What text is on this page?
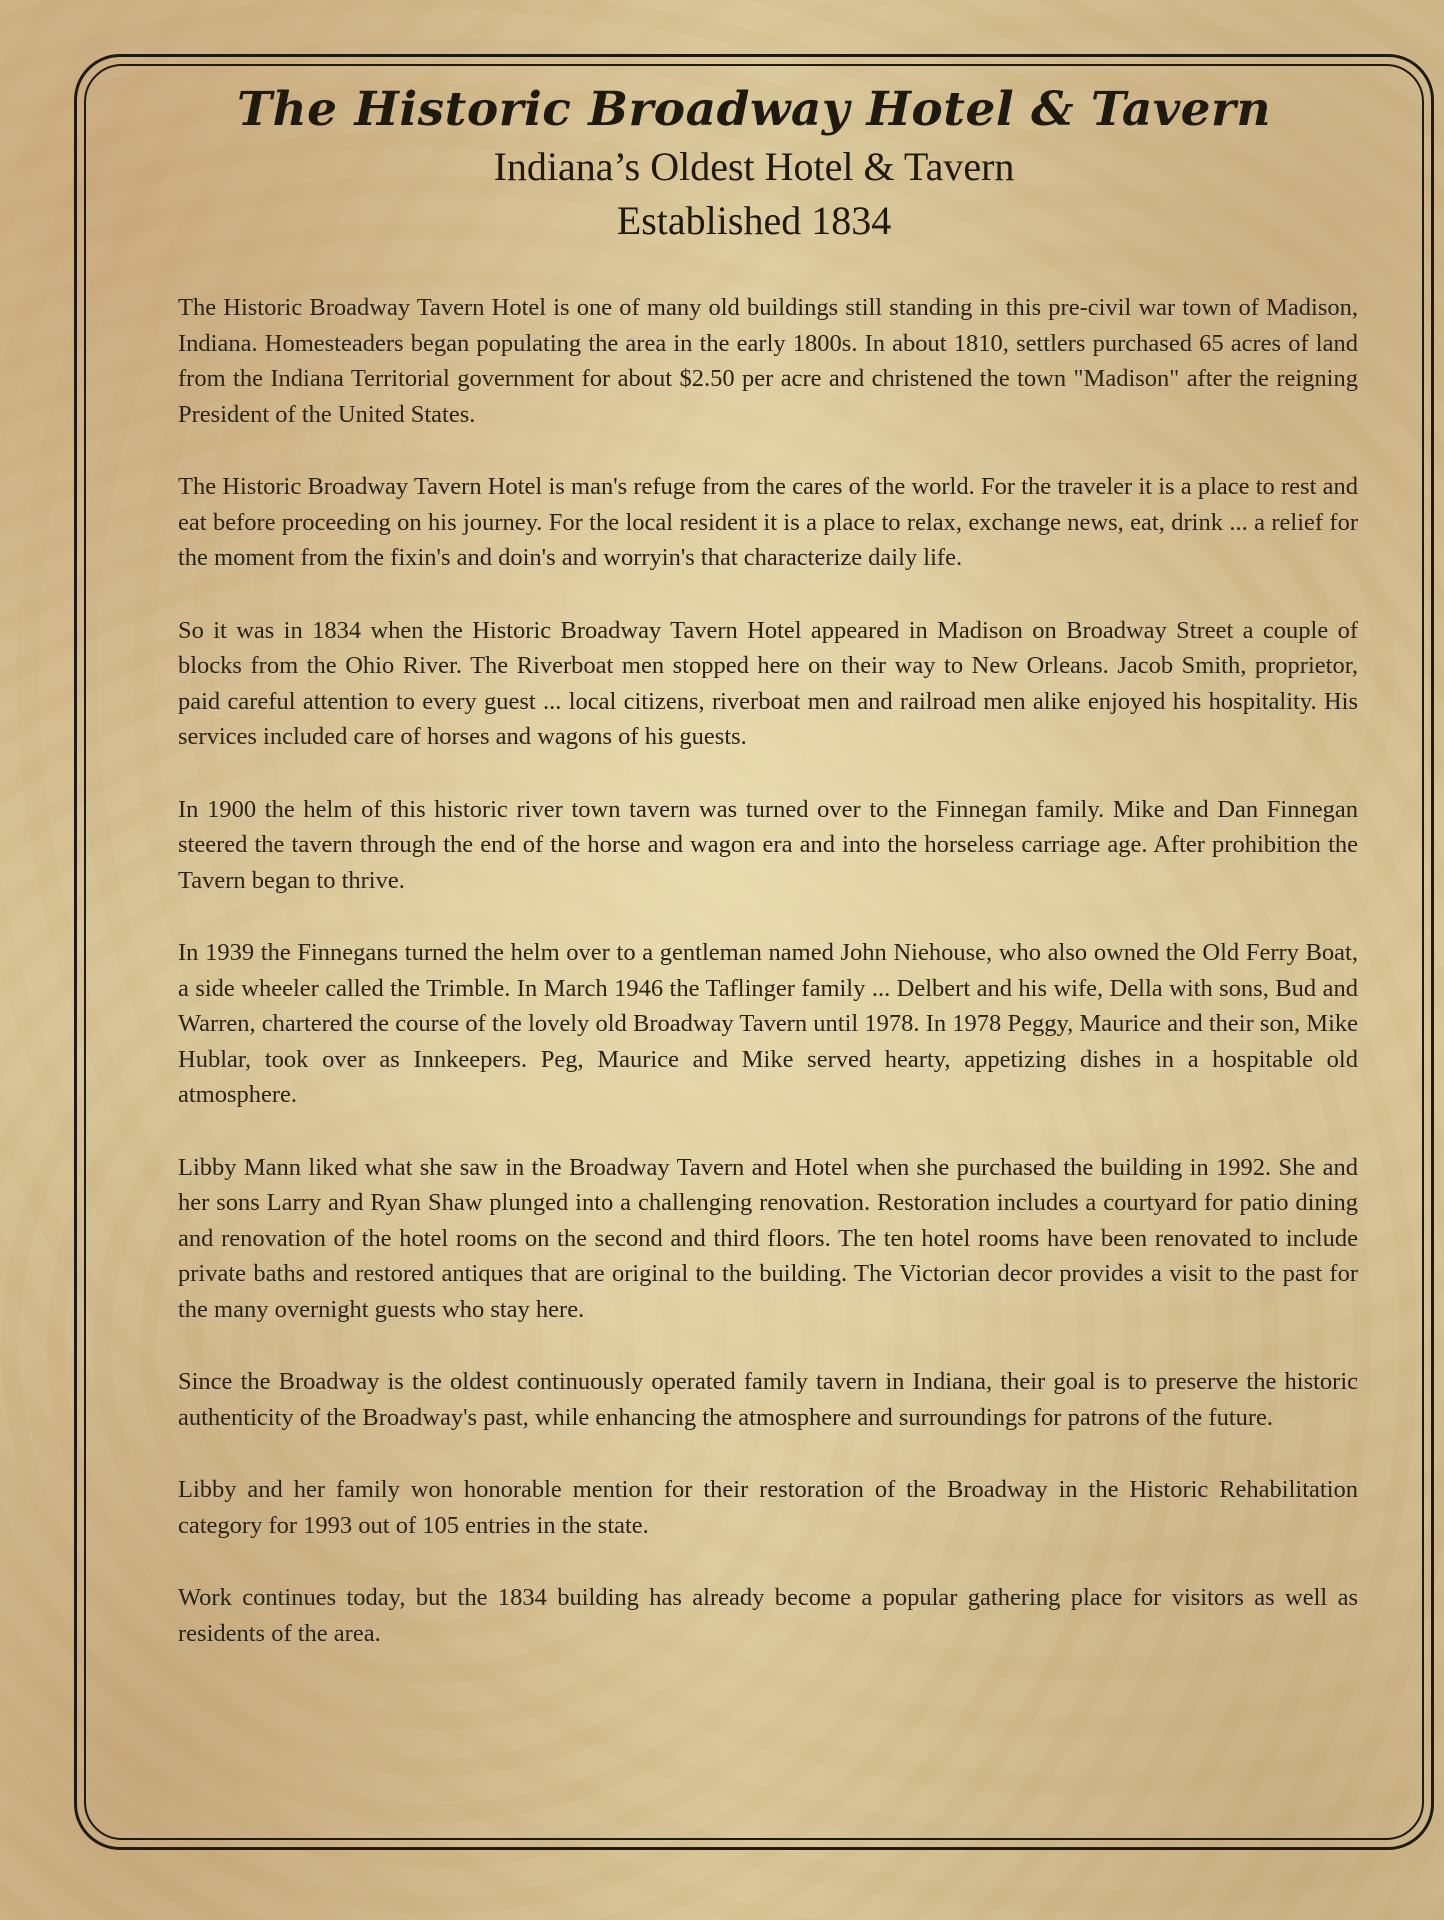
The Historic Broadway Hotel & Tavern

Indiana’s Oldest Hotel & Tavern

Established 1834

The Historic Broadway Tavern Hotel is one of many old buildings still standing in this pre-civil war town of Madison, Indiana. Homesteaders began populating the area in the early 1800s. In about 1810, settlers purchased 65 acres of land from the Indiana Territorial government for about $2.50 per acre and christened the town "Madison" after the reigning President of the United States.

The Historic Broadway Tavern Hotel is man's refuge from the cares of the world. For the traveler it is a place to rest and eat before proceeding on his journey. For the local resident it is a place to relax, exchange news, eat, drink ... a relief for the moment from the fixin's and doin's and worryin's that characterize daily life.

So it was in 1834 when the Historic Broadway Tavern Hotel appeared in Madison on Broadway Street a couple of blocks from the Ohio River. The Riverboat men stopped here on their way to New Orleans. Jacob Smith, proprietor, paid careful attention to every guest ... local citizens, riverboat men and railroad men alike enjoyed his hospitality. His services included care of horses and wagons of his guests.

In 1900 the helm of this historic river town tavern was turned over to the Finnegan family. Mike and Dan Finnegan steered the tavern through the end of the horse and wagon era and into the horseless carriage age. After prohibition the Tavern began to thrive.

In 1939 the Finnegans turned the helm over to a gentleman named John Niehouse, who also owned the Old Ferry Boat, a side wheeler called the Trimble. In March 1946 the Taflinger family ... Delbert and his wife, Della with sons, Bud and Warren, chartered the course of the lovely old Broadway Tavern until 1978. In 1978 Peggy, Maurice and their son, Mike Hublar, took over as Innkeepers. Peg, Maurice and Mike served hearty, appetizing dishes in a hospitable old atmosphere.

Libby Mann liked what she saw in the Broadway Tavern and Hotel when she purchased the building in 1992. She and her sons Larry and Ryan Shaw plunged into a challenging renovation. Restoration includes a courtyard for patio dining and renovation of the hotel rooms on the second and third floors. The ten hotel rooms have been renovated to include private baths and restored antiques that are original to the building. The Victorian decor provides a visit to the past for the many overnight guests who stay here.

Since the Broadway is the oldest continuously operated family tavern in Indiana, their goal is to preserve the historic authenticity of the Broadway's past, while enhancing the atmosphere and surroundings for patrons of the future.

Libby and her family won honorable mention for their restoration of the Broadway in the Historic Rehabilitation category for 1993 out of 105 entries in the state.

Work continues today, but the 1834 building has already become a popular gathering place for visitors as well as residents of the area.
